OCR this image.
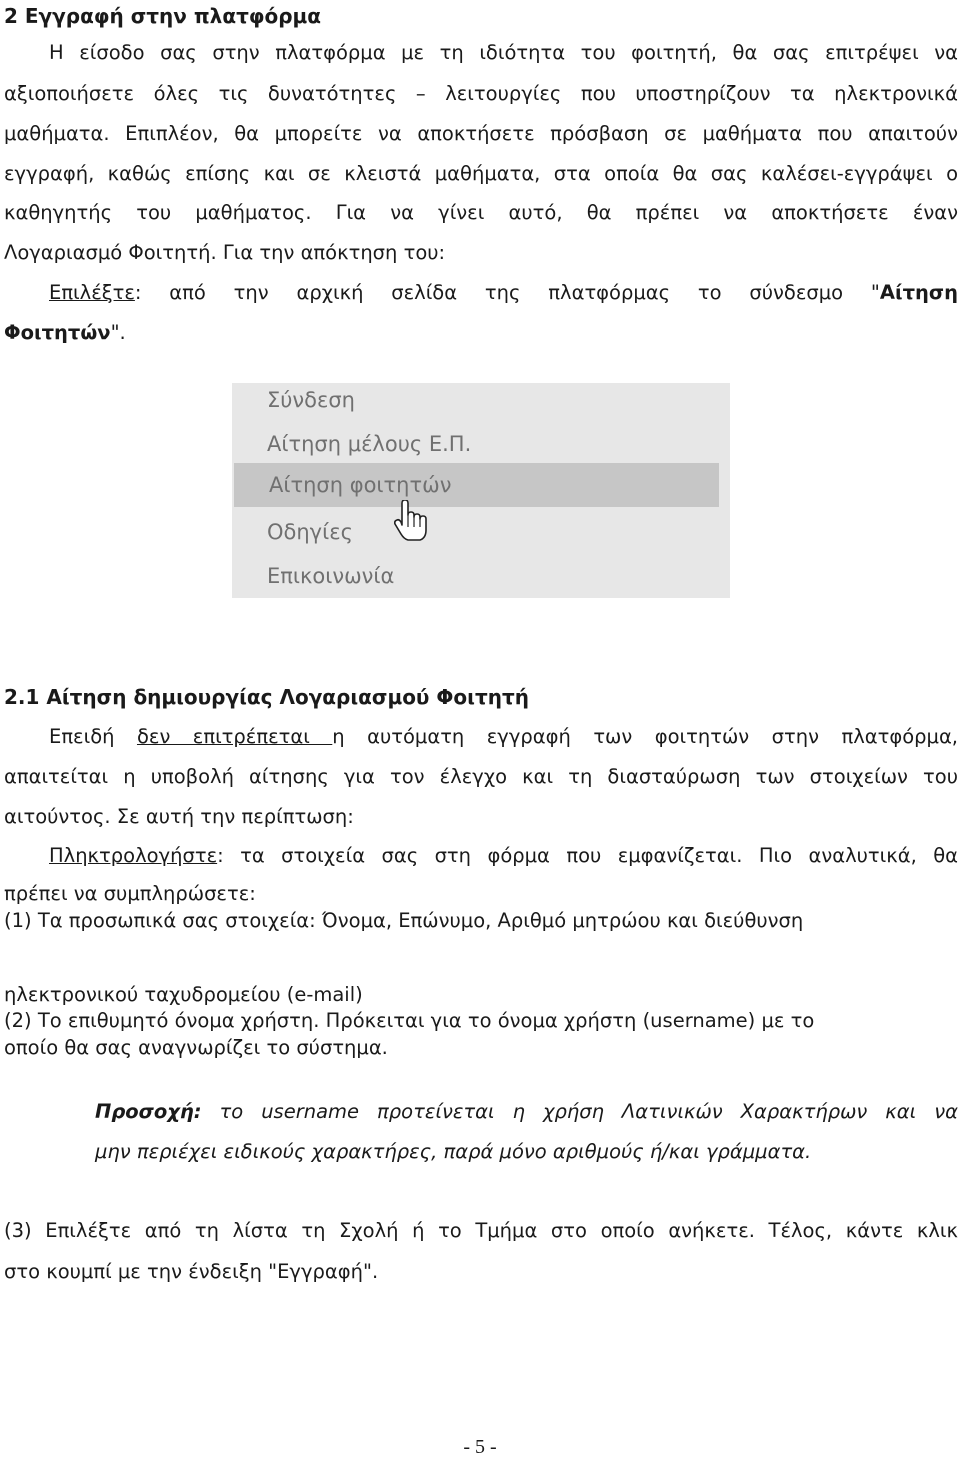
2 Εγγραφή στην πλατφόρμα
Η είσοδο σας στην πλατφόρμα με τη ιδιότητα του φοιτητή, θα σας επιτρέψει να
αξιοποιήσετε όλες τις δυνατότητες – λειτουργίες που υποστηρίζουν τα ηλεκτρονικά
μαθήματα. Επιπλέον, θα μπορείτε να αποκτήσετε πρόσβαση σε μαθήματα που απαιτούν
εγγραφή, καθώς επίσης και σε κλειστά μαθήματα, στα οποία θα σας καλέσει-εγγράψει ο
καθηγητής του μαθήματος. Για να γίνει αυτό, θα πρέπει να αποκτήσετε έναν
Λογαριασμό Φοιτητή. Για την απόκτηση του:
Επιλέξτε: από την αρχική σελίδα της πλατφόρμας το σύνδεσμο "Αίτηση
Φοιτητών".
Σύνδεση
Αίτηση μέλους Ε.Π.
Αίτηση φοιτητών
Οδηγίες
Επικοινωνία
2.1 Αίτηση δημιουργίας Λογαριασμού Φοιτητή
Επειδή δεν επιτρέπεται η αυτόματη εγγραφή των φοιτητών στην πλατφόρμα,
απαιτείται η υποβολή αίτησης για τον έλεγχο και τη διασταύρωση των στοιχείων του
αιτούντος. Σε αυτή την περίπτωση:
Πληκτρολογήστε: τα στοιχεία σας στη φόρμα που εμφανίζεται. Πιο αναλυτικά, θα
πρέπει να συμπληρώσετε:
(1) Τα προσωπικά σας στοιχεία: Όνομα, Επώνυμο, Αριθμό μητρώου και διεύθυνση
ηλεκτρονικού ταχυδρομείου (e-mail)
(2) Το επιθυμητό όνομα χρήστη. Πρόκειται για το όνομα χρήστη (username) με το
οποίο θα σας αναγνωρίζει το σύστημα.
Προσοχή: το username προτείνεται η χρήση Λατινικών Χαρακτήρων και να
μην περιέχει ειδικούς χαρακτήρες, παρά μόνο αριθμούς ή/και γράμματα.
(3) Επιλέξτε από τη λίστα τη Σχολή ή το Τμήμα στο οποίο ανήκετε. Τέλος, κάντε κλικ
στο κουμπί με την ένδειξη "Εγγραφή".
- 5 -
